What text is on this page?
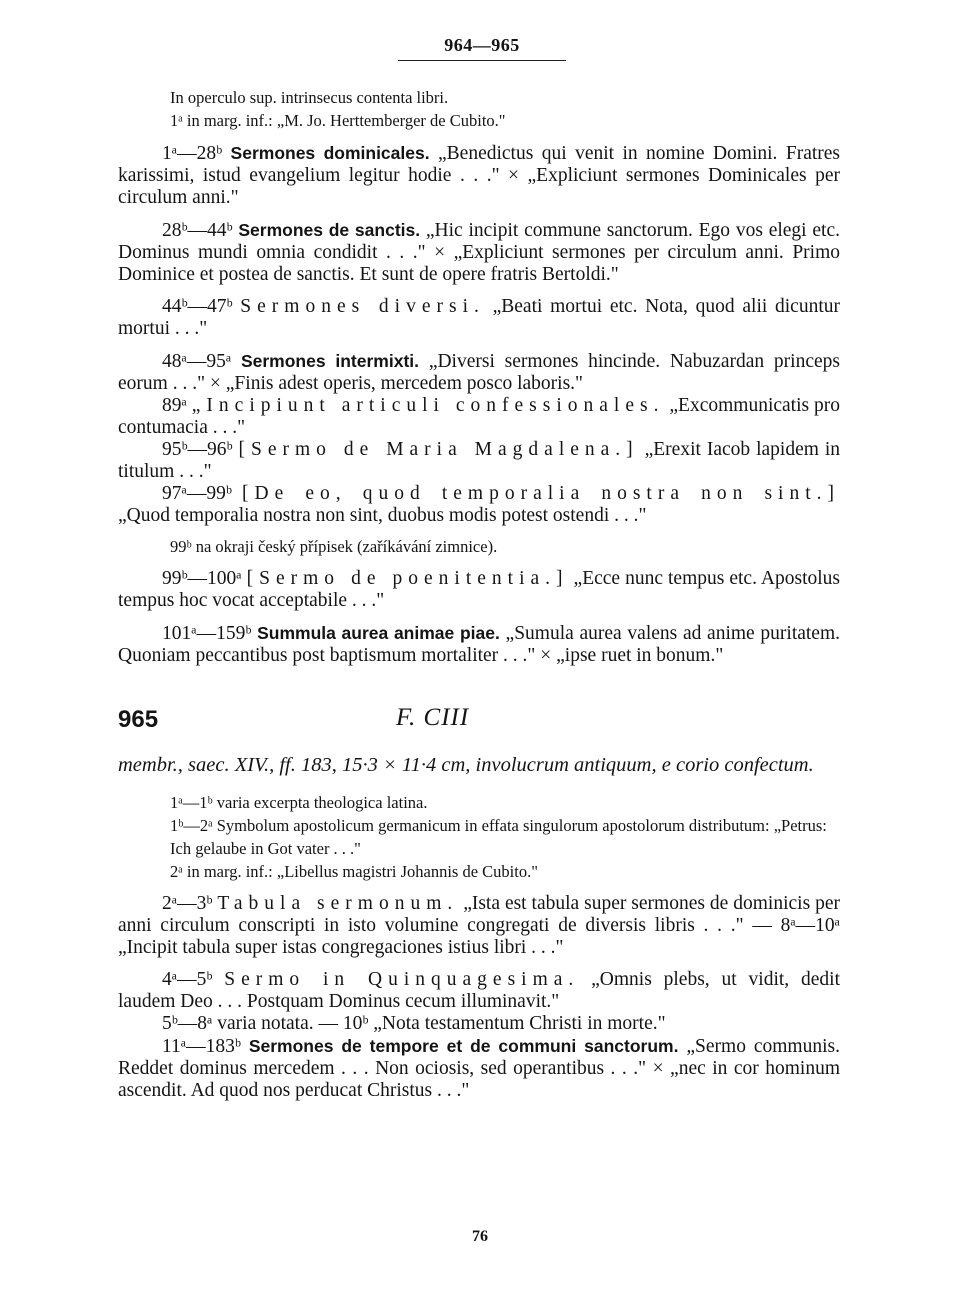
964—965

In operculo sup. intrinsecus contenta libri.

1ᵃ in marg. inf.: „M. Jo. Herttemberger de Cubito."

1ᵃ—28ᵇ Sermones dominicales. „Benedictus qui venit in nomine Domini. Fratres karissimi, istud evangelium legitur hodie . . ." × „Expliciunt sermones Dominicales per circulum anni."

28ᵇ—44ᵇ Sermones de sanctis. „Hic incipit commune sanctorum. Ego vos elegi etc. Dominus mundi omnia condidit . . ." × „Expliciunt sermones per circulum anni. Primo Dominice et postea de sanctis. Et sunt de opere fratris Bertoldi."

44ᵇ—47ᵇ Sermones diversi. „Beati mortui etc. Nota, quod alii dicuntur mortui . . ."

48ᵃ—95ᵃ Sermones intermixti. „Diversi sermones hincinde. Nabuzardan princeps eorum . . ." × „Finis adest operis, mercedem posco laboris."

89ᵃ „Incipiunt articuli confessionales. „Excommunicatis pro contumacia . . ."

95ᵇ—96ᵇ [Sermo de Maria Magdalena.] „Erexit Iacob lapidem in titulum . . ."

97ᵃ—99ᵇ [De eo, quod temporalia nostra non sint.] „Quod temporalia nostra non sint, duobus modis potest ostendi . . ."

99ᵇ na okraji český přípisek (zaříkávání zimnice).

99ᵇ—100ᵃ [Sermo de poenitentia.] „Ecce nunc tempus etc. Apostolus tempus hoc vocat acceptabile . . ."

101ᵃ—159ᵇ Summula aurea animae piae. „Sumula aurea valens ad anime puritatem. Quoniam peccantibus post baptismum mortaliter . . ." × „ipse ruet in bonum."

965	F. CIII
membr., saec. XIV., ff. 183, 15·3 × 11·4 cm, involucrum antiquum, e corio confectum.

1ᵃ—1ᵇ varia excerpta theologica latina.

1ᵇ—2ᵃ Symbolum apostolicum germanicum in effata singulorum apostolorum distributum: „Petrus: Ich gelaube in Got vater . . ."

2ᵃ in marg. inf.: „Libellus magistri Johannis de Cubito."

2ᵃ—3ᵇ Tabula sermonum. „Ista est tabula super sermones de dominicis per anni circulum conscripti in isto volumine congregati de diversis libris . . ." — 8ᵃ—10ᵃ „Incipit tabula super istas congregaciones istius libri . . ."

4ᵃ—5ᵇ Sermo in Quinquagesima. „Omnis plebs, ut vidit, dedit laudem Deo . . . Postquam Dominus cecum illuminavit."

5ᵇ—8ᵃ varia notata. — 10ᵇ „Nota testamentum Christi in morte."

11ᵃ—183ᵇ Sermones de tempore et de communi sanctorum. „Sermo communis. Reddet dominus mercedem . . . Non ociosis, sed operantibus . . ." × „nec in cor hominum ascendit. Ad quod nos perducat Christus . . ."

76
